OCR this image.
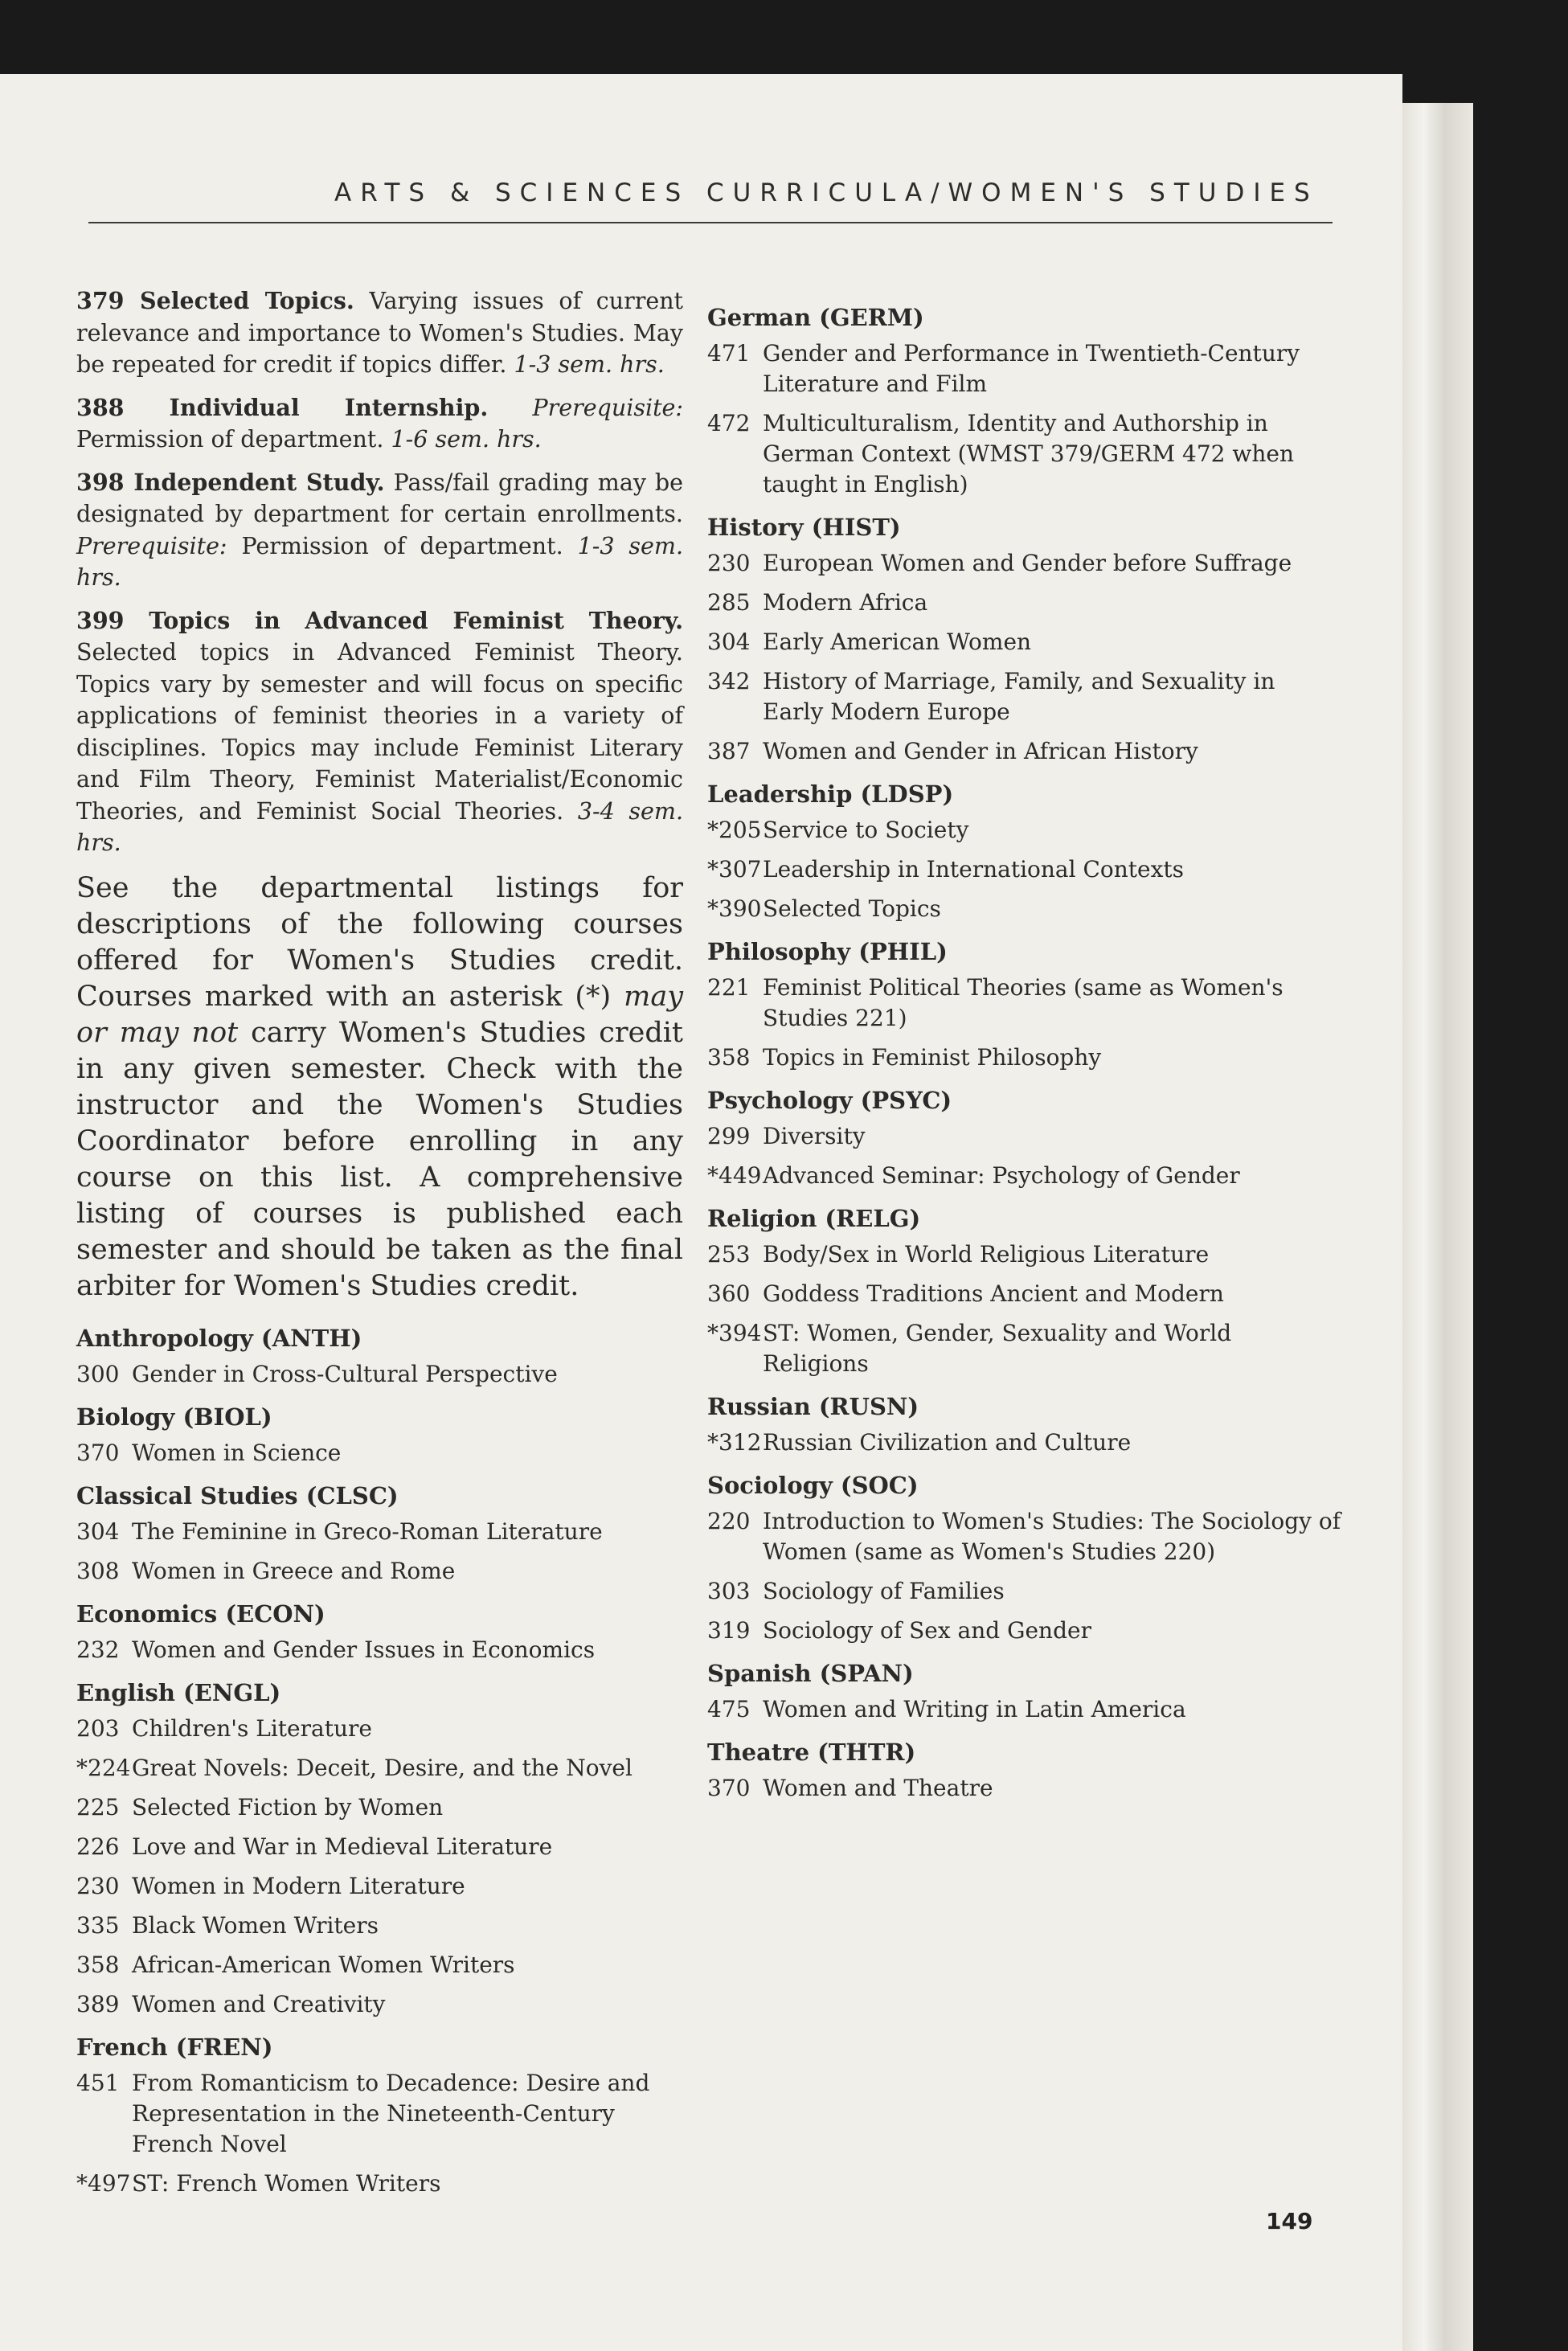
ARTS & SCIENCES CURRICULA/WOMEN'S STUDIES

379 Selected Topics. Varying issues of current relevance and importance to Women's Studies. May be repeated for credit if topics differ. 1-3 sem. hrs.

388 Individual Internship. Prerequisite: Permission of department. 1-6 sem. hrs.

398 Independent Study. Pass/fail grading may be designated by department for certain enrollments. Prerequisite: Permission of department. 1-3 sem. hrs.

399 Topics in Advanced Feminist Theory. Selected topics in Advanced Feminist Theory. Topics vary by semester and will focus on specific applications of feminist theories in a variety of disciplines. Topics may include Feminist Literary and Film Theory, Feminist Materialist/Economic Theories, and Feminist Social Theories. 3-4 sem. hrs.

See the departmental listings for descriptions of the following courses offered for Women's Studies credit. Courses marked with an asterisk (*) may or may not carry Women's Studies credit in any given semester. Check with the instructor and the Women's Studies Coordinator before enrolling in any course on this list. A comprehensive listing of courses is published each semester and should be taken as the final arbiter for Women's Studies credit.

Anthropology (ANTH)
300 Gender in Cross-Cultural Perspective
Biology (BIOL)
370 Women in Science
Classical Studies (CLSC)
304 The Feminine in Greco-Roman Literature
308 Women in Greece and Rome
Economics (ECON)
232 Women and Gender Issues in Economics
English (ENGL)
203 Children's Literature
*224Great Novels: Deceit, Desire, and the Novel
225 Selected Fiction by Women
226 Love and War in Medieval Literature
230 Women in Modern Literature
335 Black Women Writers
358 African-American Women Writers
389 Women and Creativity
French (FREN)
451 From Romanticism to Decadence: Desire and Representation in the Nineteenth-Century French Novel
*497ST: French Women Writers
German (GERM)
471 Gender and Performance in Twentieth-Century Literature and Film
472 Multiculturalism, Identity and Authorship in German Context (WMST 379/GERM 472 when taught in English)
History (HIST)
230 European Women and Gender before Suffrage
285 Modern Africa
304 Early American Women
342 History of Marriage, Family, and Sexuality in Early Modern Europe
387 Women and Gender in African History
Leadership (LDSP)
*205Service to Society
*307Leadership in International Contexts
*390Selected Topics
Philosophy (PHIL)
221 Feminist Political Theories (same as Women's Studies 221)
358 Topics in Feminist Philosophy
Psychology (PSYC)
299 Diversity
*449Advanced Seminar: Psychology of Gender
Religion (RELG)
253 Body/Sex in World Religious Literature
360 Goddess Traditions Ancient and Modern
*394ST: Women, Gender, Sexuality and World Religions
Russian (RUSN)
*312Russian Civilization and Culture
Sociology (SOC)
220 Introduction to Women's Studies: The Sociology of Women (same as Women's Studies 220)
303 Sociology of Families
319 Sociology of Sex and Gender
Spanish (SPAN)
475 Women and Writing in Latin America
Theatre (THTR)
370 Women and Theatre
149
